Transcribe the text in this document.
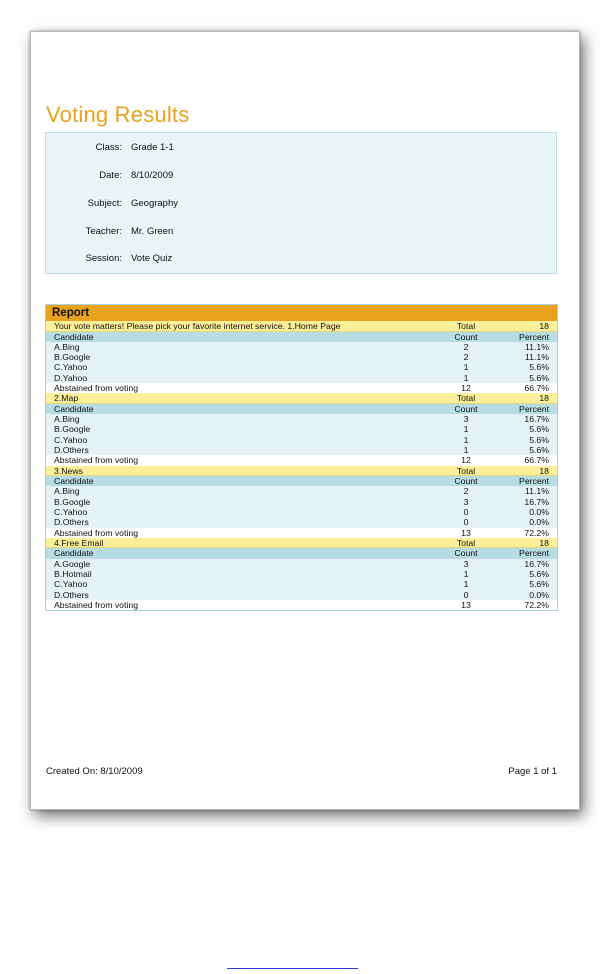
Voting Results
Class: Grade 1-1
Date: 8/10/2009
Subject: Geography
Teacher: Mr. Green
Session: Vote Quiz
Report
Your vote matters! Please pick your favorite internet service. 1.Home Page	Total	18
Candidate	Count	Percent
A.Bing	2	11.1%
B.Google	2	11.1%
C.Yahoo	1	5.6%
D.Yahoo	1	5.6%
Abstained from voting	12	66.7%
2.Map	Total	18
Candidate	Count	Percent
A.Bing	3	16.7%
B.Google	1	5.6%
C.Yahoo	1	5.6%
D.Others	1	5.6%
Abstained from voting	12	66.7%
3.News	Total	18
Candidate	Count	Percent
A.Bing	2	11.1%
B.Google	3	16.7%
C.Yahoo	0	0.0%
D.Others	0	0.0%
Abstained from voting	13	72.2%
4.Free Email	Total	18
Candidate	Count	Percent
A.Google	3	16.7%
B.Hotmail	1	5.6%
C.Yahoo	1	5.6%
D.Others	0	0.0%
Abstained from voting	13	72.2%
Created On: 8/10/2009	Page 1 of 1
